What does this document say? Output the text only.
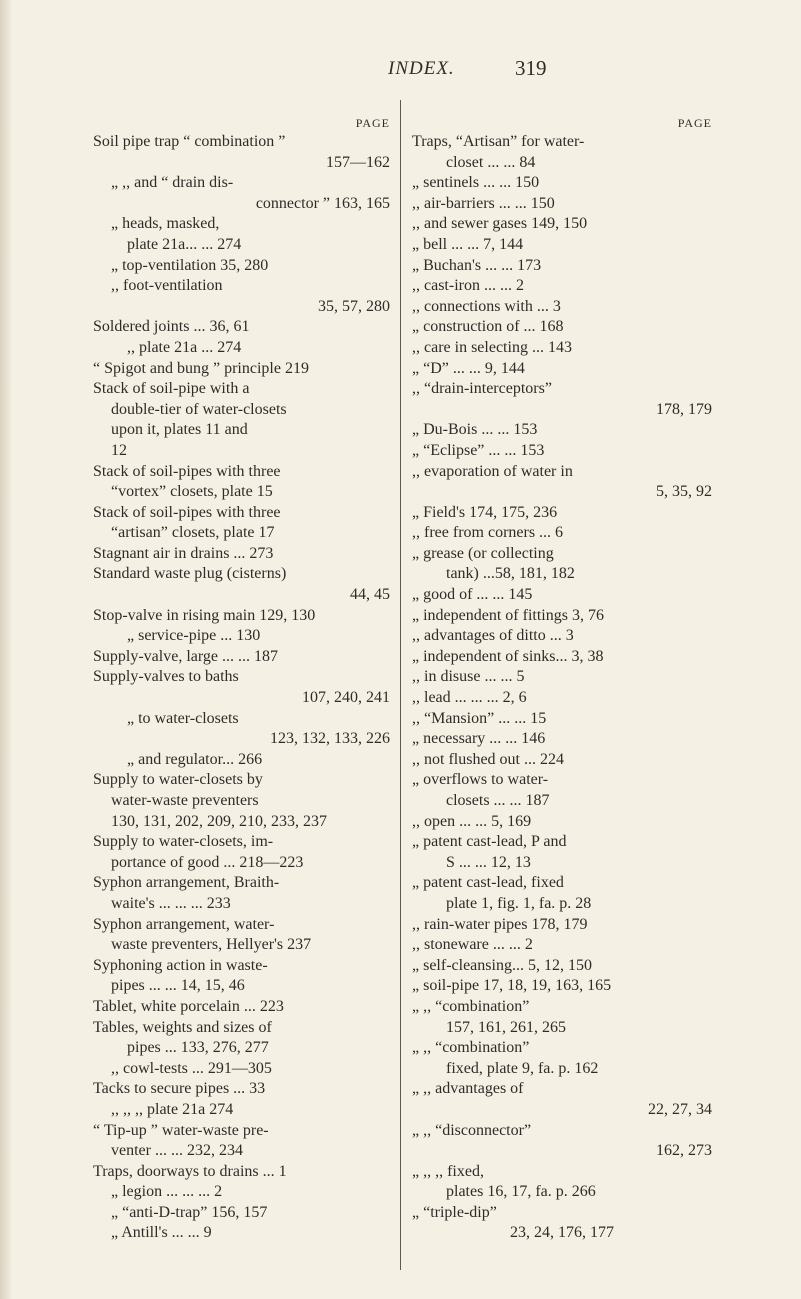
INDEX.	319
PAGE
Soil pipe trap “ combination ”
157—162
„ ,, and “ drain dis-
connector ” 163, 165
„ heads, masked,
plate 21a... ... 274
„ top-ventilation 35, 280
,, foot-ventilation
35, 57, 280
Soldered joints ... 36, 61
,, plate 21a ... 274
“ Spigot and bung ” principle 219
Stack of soil-pipe with a
double-tier of water-closets
upon it, plates 11 and
12
Stack of soil-pipes with three
“vortex” closets, plate 15
Stack of soil-pipes with three
“artisan” closets, plate 17
Stagnant air in drains ... 273
Standard waste plug (cisterns)
44, 45
Stop-valve in rising main 129, 130
„ service-pipe ... 130
Supply-valve, large ... ... 187
Supply-valves to baths
107, 240, 241
„ to water-closets
123, 132, 133, 226
„ and regulator... 266
Supply to water-closets by
water-waste preventers
130, 131, 202, 209, 210, 233, 237
Supply to water-closets, im-
portance of good ... 218—223
Syphon arrangement, Braith-
waite's ... ... ... 233
Syphon arrangement, water-
waste preventers, Hellyer's 237
Syphoning action in waste-
pipes ... ... 14, 15, 46
Tablet, white porcelain ... 223
Tables, weights and sizes of
pipes ... 133, 276, 277
,, cowl-tests ... 291—305
Tacks to secure pipes ... 33
,, ,, ,, plate 21a 274
“ Tip-up ” water-waste pre-
venter ... ... 232, 234
Traps, doorways to drains ... 1
„ legion ... ... ... 2
„ “anti-D-trap” 156, 157
„ Antill's ... ... 9
PAGE
Traps, “Artisan” for water-
closet ... ... 84
„ sentinels ... ... 150
,, air-barriers ... ... 150
,, and sewer gases 149, 150
„ bell ... ... 7, 144
„ Buchan's ... ... 173
,, cast-iron ... ... 2
,, connections with ... 3
„ construction of ... 168
,, care in selecting ... 143
„ “D” ... ... 9, 144
,, “drain-interceptors”
178, 179
„ Du-Bois ... ... 153
„ “Eclipse” ... ... 153
,, evaporation of water in
5, 35, 92
„ Field's 174, 175, 236
,, free from corners ... 6
„ grease (or collecting
tank) ...58, 181, 182
„ good of ... ... 145
„ independent of fittings 3, 76
,, advantages of ditto ... 3
„ independent of sinks... 3, 38
,, in disuse ... ... 5
,, lead ... ... ... 2, 6
,, “Mansion” ... ... 15
„ necessary ... ... 146
,, not flushed out ... 224
„ overflows to water-
closets ... ... 187
,, open ... ... 5, 169
„ patent cast-lead, P and
S ... ... 12, 13
„ patent cast-lead, fixed
plate 1, fig. 1, fa. p. 28
,, rain-water pipes 178, 179
,, stoneware ... ... 2
„ self-cleansing... 5, 12, 150
„ soil-pipe 17, 18, 19, 163, 165
„ ,, “combination”
157, 161, 261, 265
„ ,, “combination”
fixed, plate 9, fa. p. 162
„ ,, advantages of
22, 27, 34
„ ,, “disconnector”
162, 273
„ ,, ,, fixed,
plates 16, 17, fa. p. 266
„ “triple-dip”
23, 24, 176, 177
